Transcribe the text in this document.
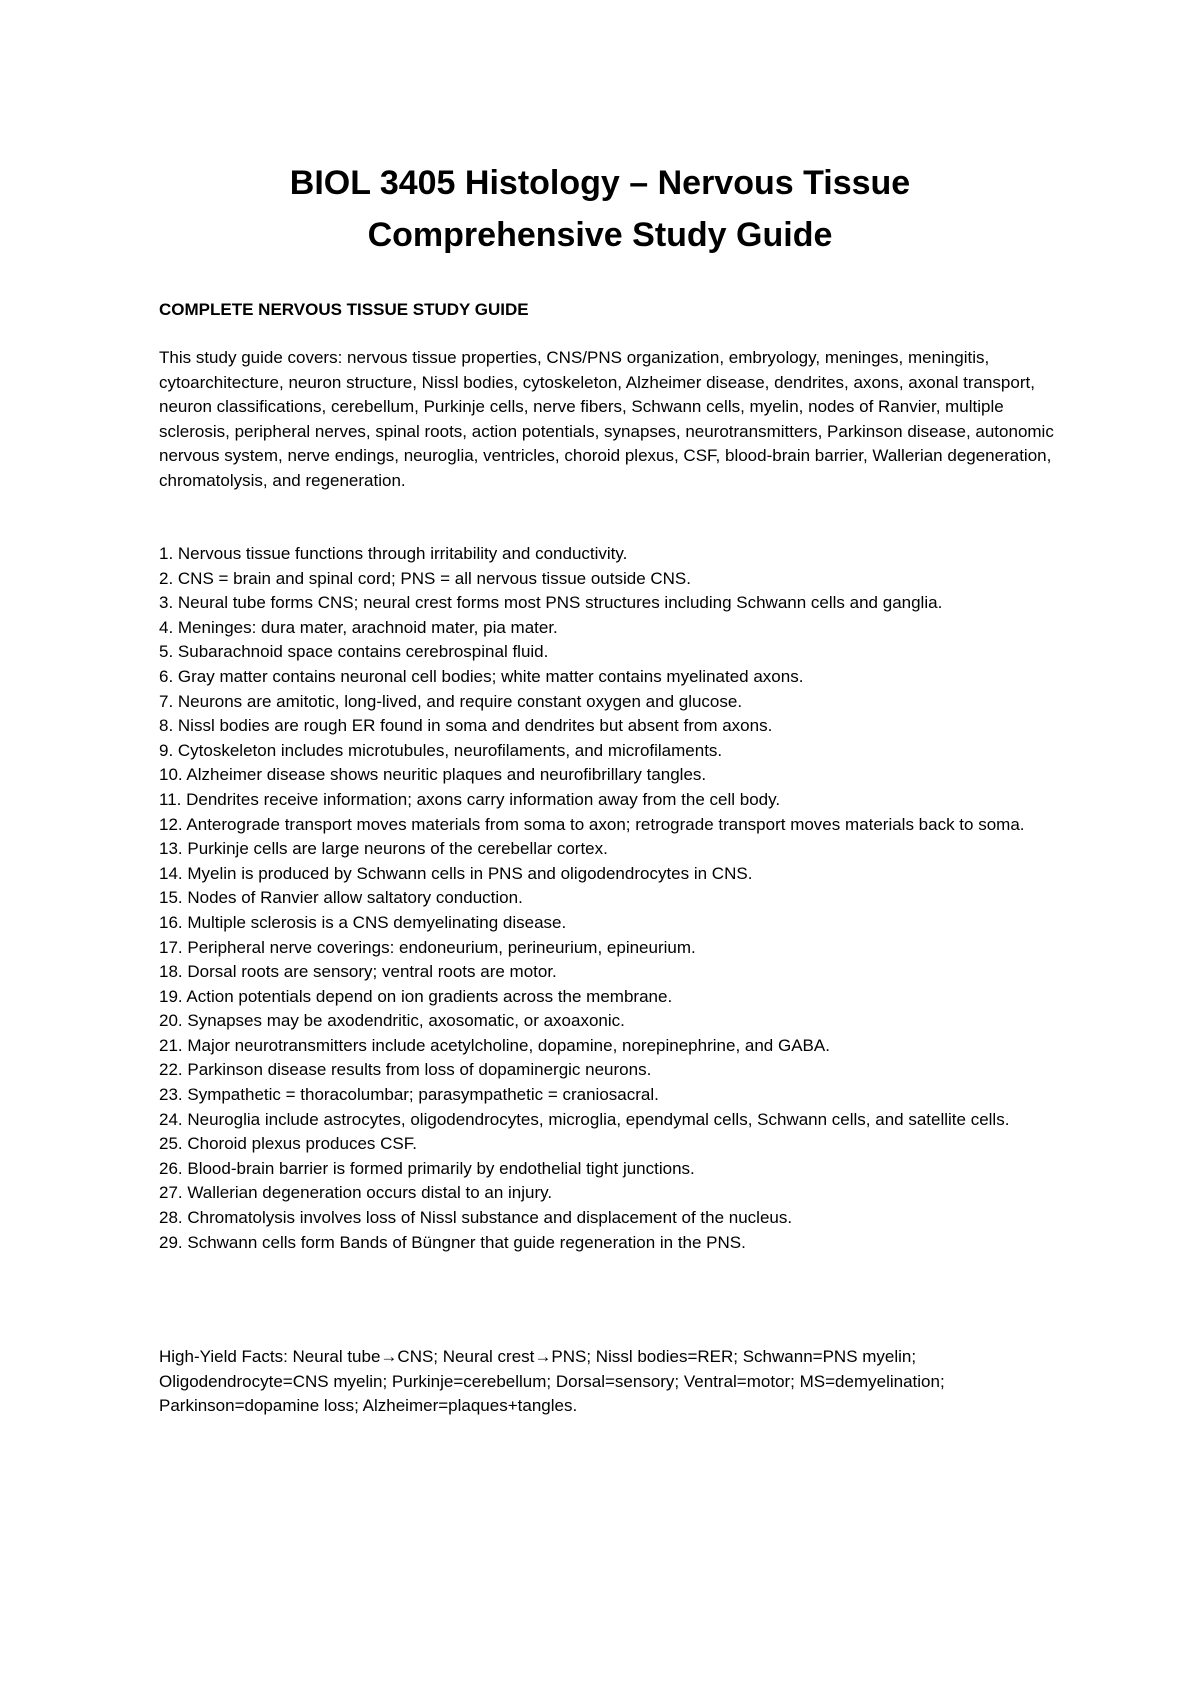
BIOL 3405 Histology – Nervous Tissue
Comprehensive Study Guide
COMPLETE NERVOUS TISSUE STUDY GUIDE
This study guide covers: nervous tissue properties, CNS/PNS organization, embryology, meninges, meningitis, cytoarchitecture, neuron structure, Nissl bodies, cytoskeleton, Alzheimer disease, dendrites, axons, axonal transport, neuron classifications, cerebellum, Purkinje cells, nerve fibers, Schwann cells, myelin, nodes of Ranvier, multiple sclerosis, peripheral nerves, spinal roots, action potentials, synapses, neurotransmitters, Parkinson disease, autonomic nervous system, nerve endings, neuroglia, ventricles, choroid plexus, CSF, blood-brain barrier, Wallerian degeneration, chromatolysis, and regeneration.
1. Nervous tissue functions through irritability and conductivity.
2. CNS = brain and spinal cord; PNS = all nervous tissue outside CNS.
3. Neural tube forms CNS; neural crest forms most PNS structures including Schwann cells and ganglia.
4. Meninges: dura mater, arachnoid mater, pia mater.
5. Subarachnoid space contains cerebrospinal fluid.
6. Gray matter contains neuronal cell bodies; white matter contains myelinated axons.
7. Neurons are amitotic, long-lived, and require constant oxygen and glucose.
8. Nissl bodies are rough ER found in soma and dendrites but absent from axons.
9. Cytoskeleton includes microtubules, neurofilaments, and microfilaments.
10. Alzheimer disease shows neuritic plaques and neurofibrillary tangles.
11. Dendrites receive information; axons carry information away from the cell body.
12. Anterograde transport moves materials from soma to axon; retrograde transport moves materials back to soma.
13. Purkinje cells are large neurons of the cerebellar cortex.
14. Myelin is produced by Schwann cells in PNS and oligodendrocytes in CNS.
15. Nodes of Ranvier allow saltatory conduction.
16. Multiple sclerosis is a CNS demyelinating disease.
17. Peripheral nerve coverings: endoneurium, perineurium, epineurium.
18. Dorsal roots are sensory; ventral roots are motor.
19. Action potentials depend on ion gradients across the membrane.
20. Synapses may be axodendritic, axosomatic, or axoaxonic.
21. Major neurotransmitters include acetylcholine, dopamine, norepinephrine, and GABA.
22. Parkinson disease results from loss of dopaminergic neurons.
23. Sympathetic = thoracolumbar; parasympathetic = craniosacral.
24. Neuroglia include astrocytes, oligodendrocytes, microglia, ependymal cells, Schwann cells, and satellite cells.
25. Choroid plexus produces CSF.
26. Blood-brain barrier is formed primarily by endothelial tight junctions.
27. Wallerian degeneration occurs distal to an injury.
28. Chromatolysis involves loss of Nissl substance and displacement of the nucleus.
29. Schwann cells form Bands of Büngner that guide regeneration in the PNS.
High-Yield Facts: Neural tube→CNS; Neural crest→PNS; Nissl bodies=RER; Schwann=PNS myelin; Oligodendrocyte=CNS myelin; Purkinje=cerebellum; Dorsal=sensory; Ventral=motor; MS=demyelination; Parkinson=dopamine loss; Alzheimer=plaques+tangles.
